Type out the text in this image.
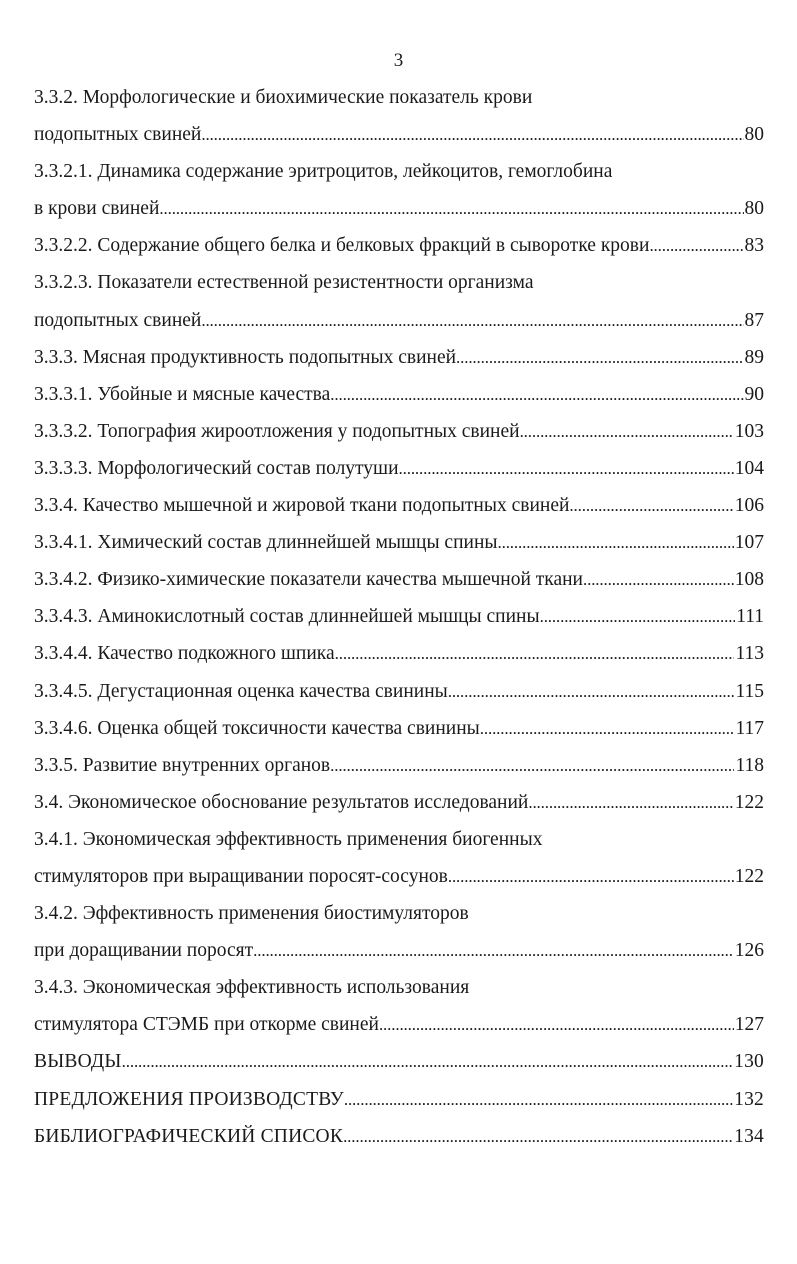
3
3.3.2. Морфологические и биохимические показатель крови
подопытных свиней . . .	80
3.3.2.1. Динамика содержание эритроцитов, лейкоцитов, гемоглобина
в крови свиней . . .	80
3.3.2.2. Содержание общего белка и белковых фракций в сыворотке крови . . .	83
3.3.2.3. Показатели естественной резистентности организма
подопытных свиней . . .	87
3.3.3. Мясная продуктивность подопытных свиней . . .	89
3.3.3.1. Убойные и мясные качества . . .	90
3.3.3.2. Топография жироотложения у подопытных свиней . . .	103
3.3.3.3. Морфологический состав полутуши . . .	104
3.3.4. Качество мышечной и жировой ткани подопытных свиней . . .	106
3.3.4.1. Химический состав длиннейшей мышцы спины . . .	107
3.3.4.2. Физико-химические показатели качества мышечной ткани . . .	108
3.3.4.3. Аминокислотный состав длиннейшей мышцы спины . . .	111
3.3.4.4. Качество подкожного шпика . . .	113
3.3.4.5. Дегустационная оценка качества свинины . . .	115
3.3.4.6. Оценка общей токсичности качества свинины . . .	117
3.3.5. Развитие внутренних органов . . .	118
3.4. Экономическое обоснование результатов исследований . . .	122
3.4.1. Экономическая эффективность применения биогенных
стимуляторов при выращивании поросят-сосунов . . .	122
3.4.2. Эффективность применения биостимуляторов
при доращивании поросят . . .	126
3.4.3. Экономическая эффективность использования
стимулятора СТЭМБ при откорме свиней . . .	127
ВЫВОДЫ . . .	130
ПРЕДЛОЖЕНИЯ ПРОИЗВОДСТВУ . . .	132
БИБЛИОГРАФИЧЕСКИЙ СПИСОК . . .	134
